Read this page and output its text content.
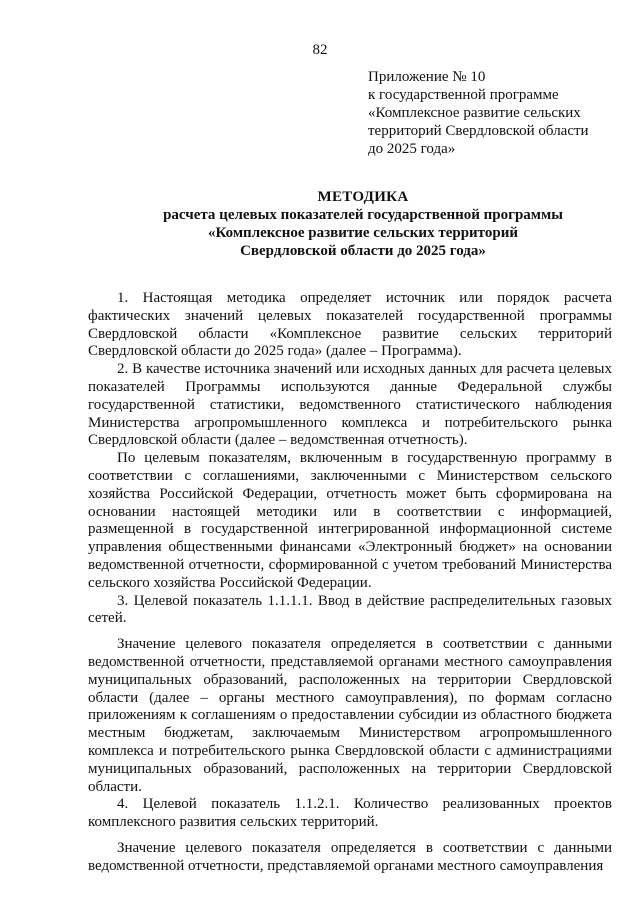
82
Приложение № 10
к государственной программе
«Комплексное развитие сельских
территорий Свердловской области
до 2025 года»
МЕТОДИКА
расчета целевых показателей государственной программы
«Комплексное развитие сельских территорий
Свердловской области до 2025 года»

1. Настоящая методика определяет источник или порядок расчета фактических значений целевых показателей государственной программы Свердловской области «Комплексное развитие сельских территорий Свердловской области до 2025 года» (далее – Программа).

2. В качестве источника значений или исходных данных для расчета целевых показателей Программы используются данные Федеральной службы государственной статистики, ведомственного статистического наблюдения Министерства агропромышленного комплекса и потребительского рынка Свердловской области (далее – ведомственная отчетность).

По целевым показателям, включенным в государственную программу в соответствии с соглашениями, заключенными с Министерством сельского хозяйства Российской Федерации, отчетность может быть сформирована на основании настоящей методики или в соответствии с информацией, размещенной в государственной интегрированной информационной системе управления общественными финансами «Электронный бюджет» на основании ведомственной отчетности, сформированной с учетом требований Министерства сельского хозяйства Российской Федерации.

3. Целевой показатель 1.1.1.1. Ввод в действие распределительных газовых сетей.

Значение целевого показателя определяется в соответствии с данными ведомственной отчетности, представляемой органами местного самоуправления муниципальных образований, расположенных на территории Свердловской области (далее – органы местного самоуправления), по формам согласно приложениям к соглашениям о предоставлении субсидии из областного бюджета местным бюджетам, заключаемым Министерством агропромышленного комплекса и потребительского рынка Свердловской области с администрациями муниципальных образований, расположенных на территории Свердловской области.

4. Целевой показатель 1.1.2.1. Количество реализованных проектов комплексного развития сельских территорий.

Значение целевого показателя определяется в соответствии с данными ведомственной отчетности, представляемой органами местного самоуправления
